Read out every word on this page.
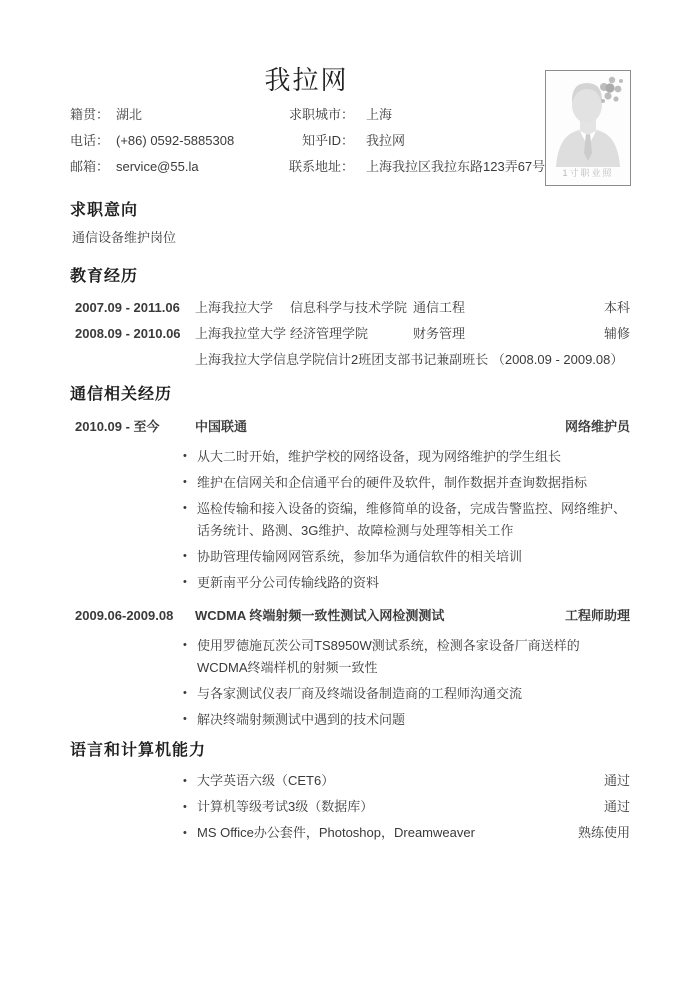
1寸职业照
我拉网
籍贯： 湖北	求职城市： 上海
电话： (+86) 0592-5885308	知乎ID： 我拉网
邮箱： service@55.la	联系地址： 上海我拉区我拉东路123弄67号
求职意向

通信设备维护岗位

教育经历
2007.09 - 2011.06	上海我拉大学	信息科学与技术学院 通信工程	本科
2008.09 - 2010.06	上海我拉堂大学 经济管理学院	财务管理	辅修
上海我拉大学信息学院信计2班团支部书记兼副班长 （2008.09 - 2009.08）
通信相关经历
2010.09 - 至今	中国联通	网络维护员
• 从大二时开始，维护学校的网络设备，现为网络维护的学生组长
• 维护在信网关和企信通平台的硬件及软件，制作数据并查询数据指标
• 巡检传输和接入设备的资编，维修简单的设备，完成告警监控、网络维护、话务统计、路测、3G维护、故障检测与处理等相关工作
• 协助管理传输网网管系统，参加华为通信软件的相关培训
• 更新南平分公司传输线路的资料
2009.06-2009.08	WCDMA 终端射频一致性测试入网检测测试	工程师助理
• 使用罗德施瓦茨公司TS8950W测试系统，检测各家设备厂商送样的WCDMA终端样机的射频一致性
• 与各家测试仪表厂商及终端设备制造商的工程师沟通交流
• 解决终端射频测试中遇到的技术问题
语言和计算机能力
• 大学英语六级（CET6）	通过
• 计算机等级考试3级（数据库）	通过
• MS Office办公套件，Photoshop，Dreamweaver	熟练使用
